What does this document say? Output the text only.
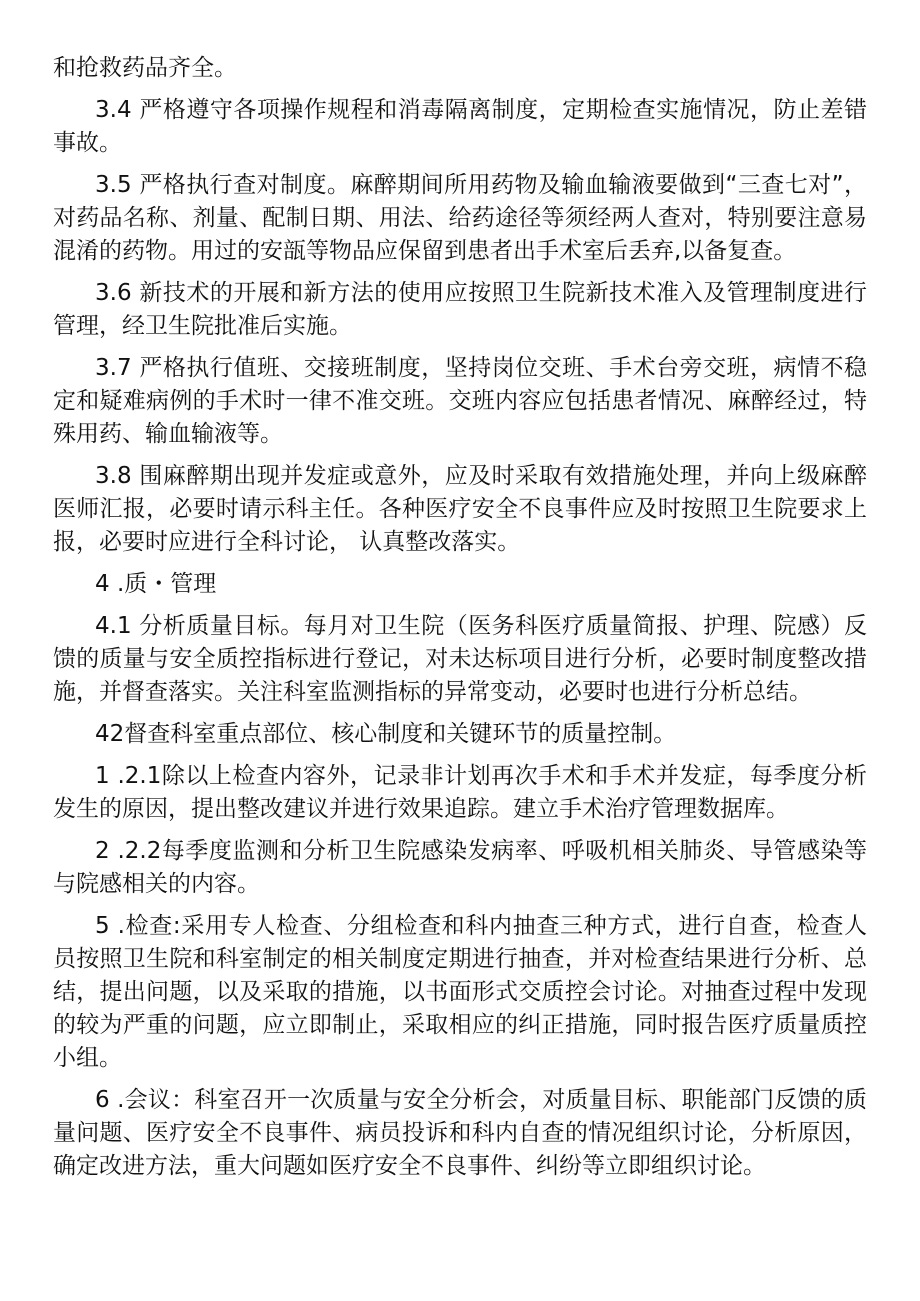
和抢救药品齐全。

3.4 严格遵守各项操作规程和消毒隔离制度，定期检查实施情况，防止差错事故。

3.5 严格执行查对制度。麻醉期间所用药物及输血输液要做到“三查七对”，对药品名称、剂量、配制日期、用法、给药途径等须经两人查对，特别要注意易混淆的药物。用过的安瓿等物品应保留到患者出手术室后丢弃,以备复查。

3.6 新技术的开展和新方法的使用应按照卫生院新技术准入及管理制度进行管理，经卫生院批准后实施。

3.7 严格执行值班、交接班制度，坚持岗位交班、手术台旁交班，病情不稳定和疑难病例的手术时一律不准交班。交班内容应包括患者情况、麻醉经过，特殊用药、输血输液等。

3.8 围麻醉期出现并发症或意外，应及时采取有效措施处理，并向上级麻醉医师汇报，必要时请示科主任。各种医疗安全不良事件应及时按照卫生院要求上报，必要时应进行全科讨论， 认真整改落实。

4 .质・管理

4.1 分析质量目标。每月对卫生院（医务科医疗质量简报、护理、院感）反馈的质量与安全质控指标进行登记，对未达标项目进行分析，必要时制度整改措施，并督查落实。关注科室监测指标的异常变动，必要时也进行分析总结。

42督查科室重点部位、核心制度和关键环节的质量控制。

1 .2.1除以上检查内容外，记录非计划再次手术和手术并发症，每季度分析发生的原因，提出整改建议并进行效果追踪。建立手术治疗管理数据库。

2 .2.2每季度监测和分析卫生院感染发病率、呼吸机相关肺炎、导管感染等与院感相关的内容。

5 .检查:采用专人检查、分组检查和科内抽查三种方式，进行自查，检查人员按照卫生院和科室制定的相关制度定期进行抽查，并对检查结果进行分析、总结，提出问题，以及采取的措施，以书面形式交质控会讨论。对抽查过程中发现的较为严重的问题，应立即制止，采取相应的纠正措施，同时报告医疗质量质控小组。

6 .会议：科室召开一次质量与安全分析会，对质量目标、职能部门反馈的质量问题、医疗安全不良事件、病员投诉和科内自查的情况组织讨论，分析原因，确定改进方法，重大问题如医疗安全不良事件、纠纷等立即组织讨论。
